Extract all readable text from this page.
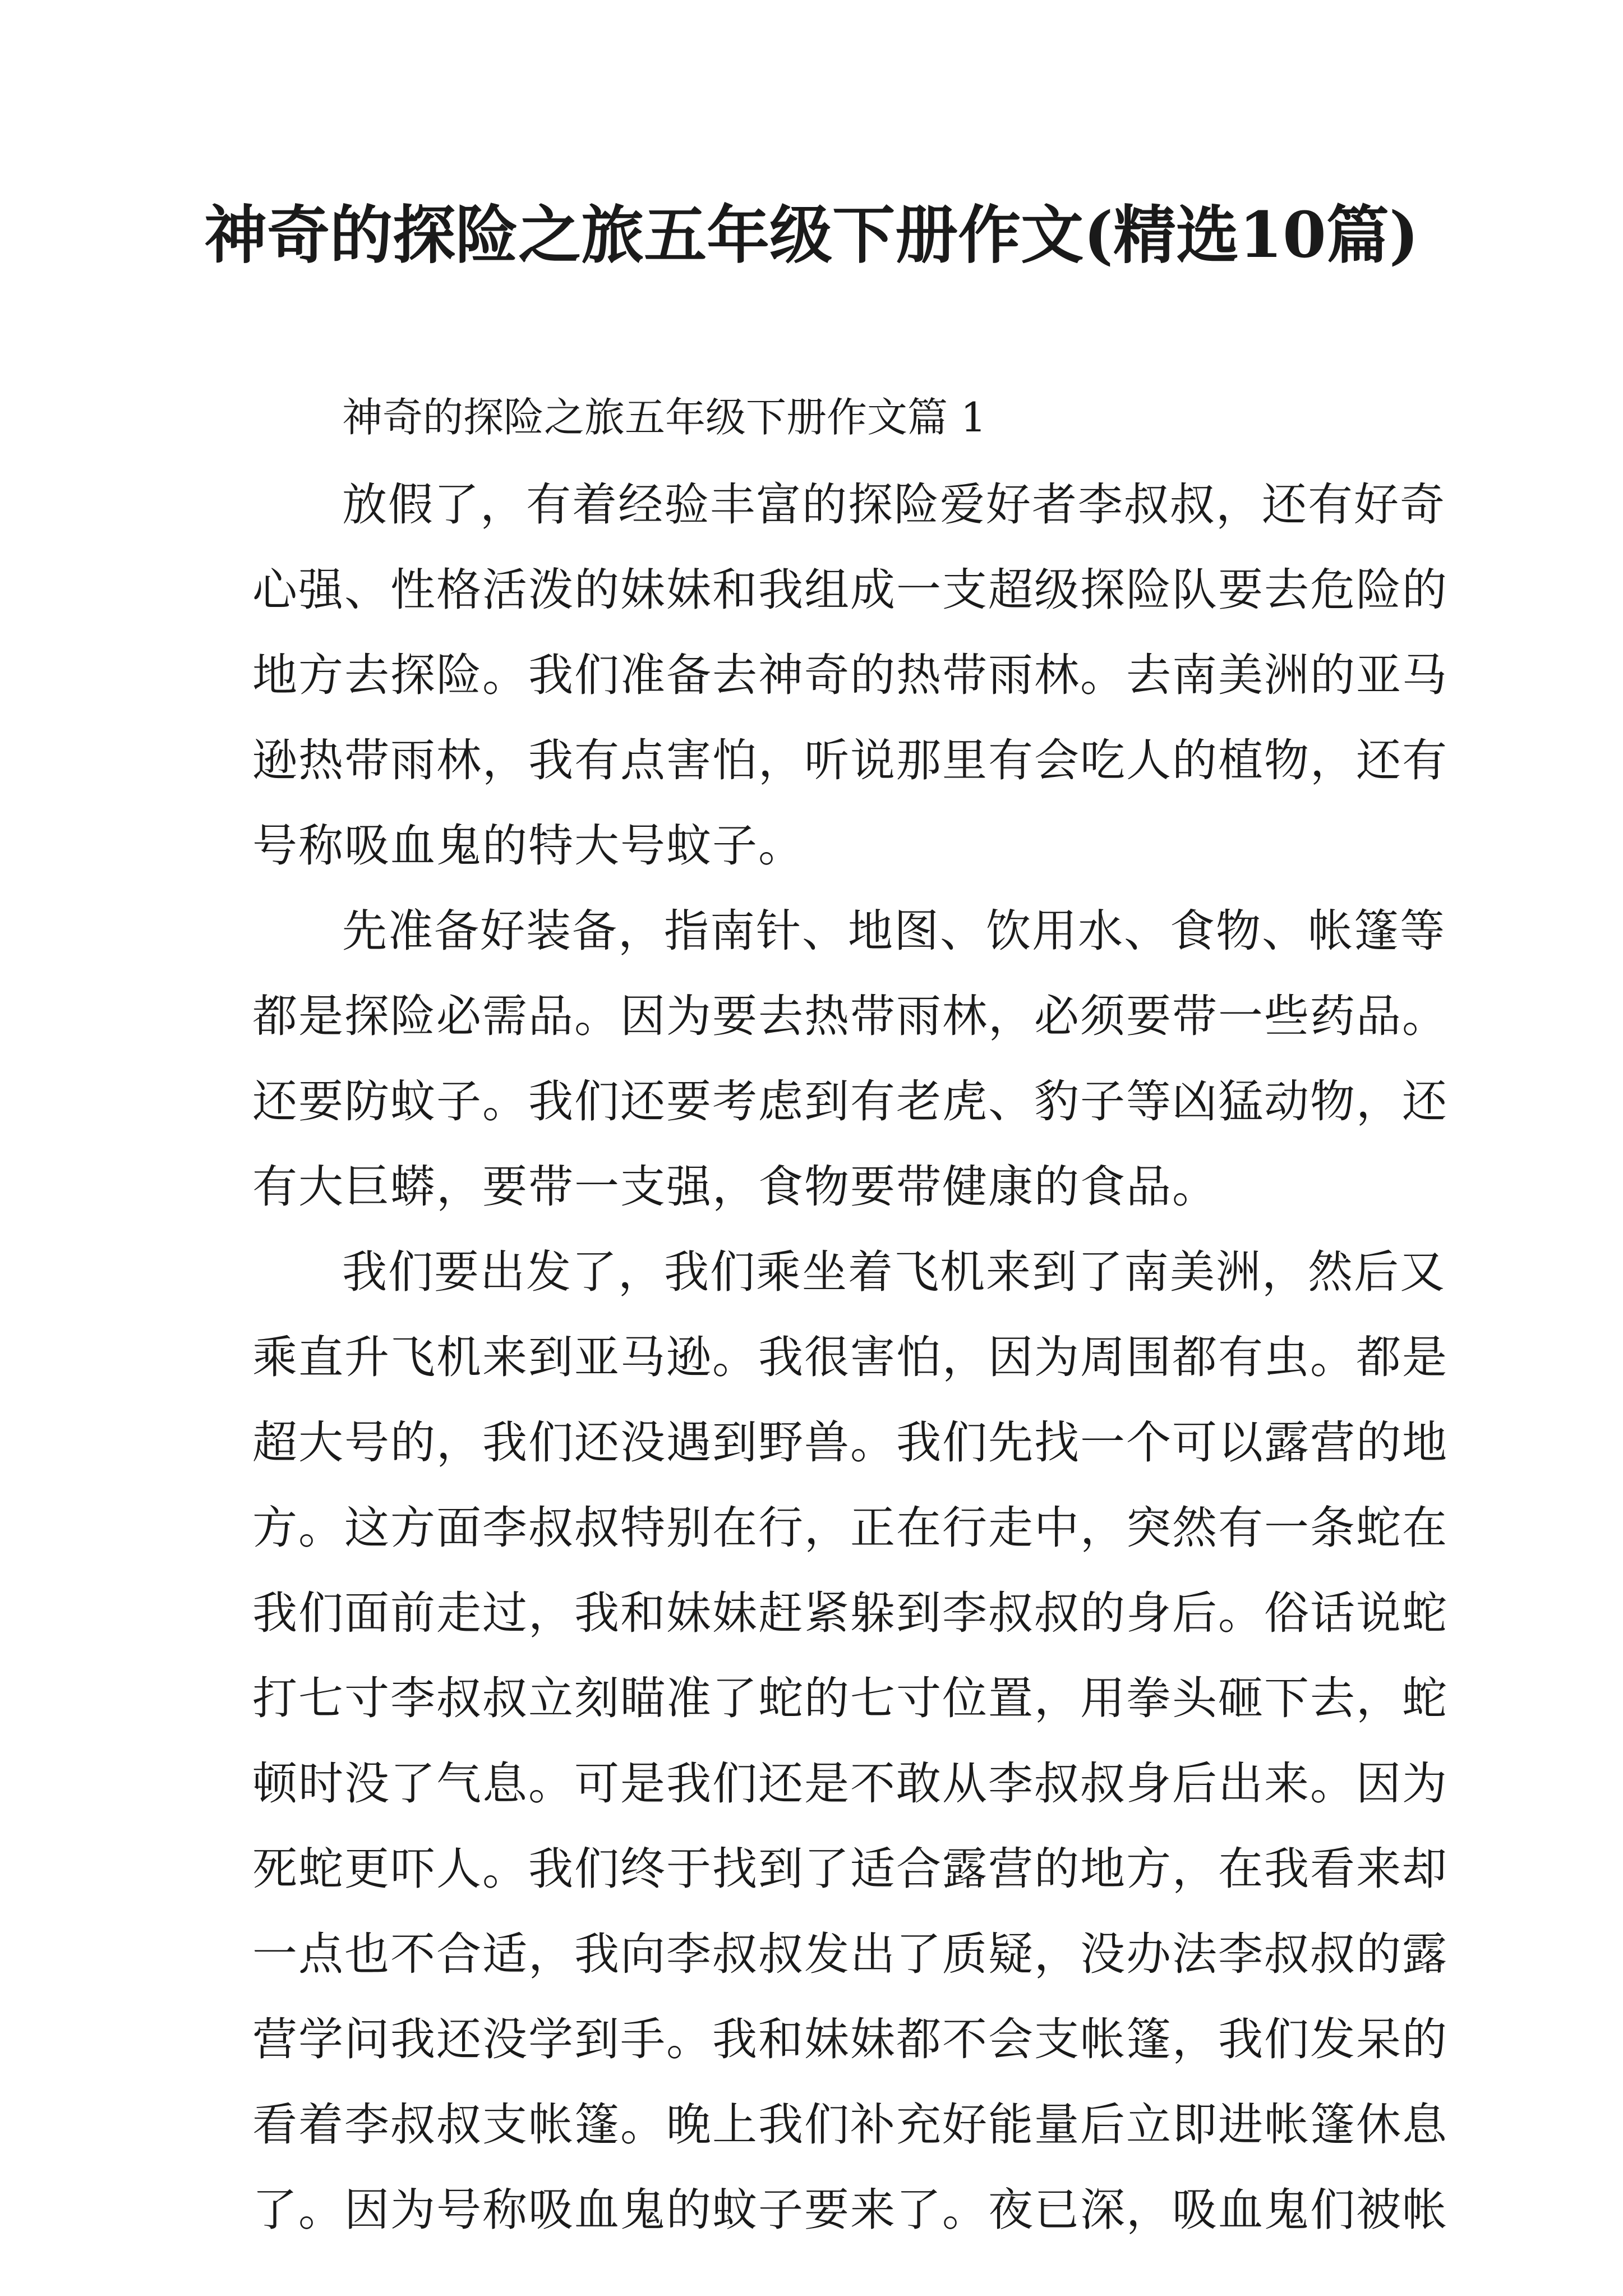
神奇的探险之旅五年级下册作文(精选10篇)
神奇的探险之旅五年级下册作文篇 1
放假了，有着经验丰富的探险爱好者李叔叔，还有好奇
心强、性格活泼的妹妹和我组成一支超级探险队要去危险的
地方去探险。我们准备去神奇的热带雨林。去南美洲的亚马
逊热带雨林，我有点害怕，听说那里有会吃人的植物，还有
号称吸血鬼的特大号蚊子。
先准备好装备，指南针、地图、饮用水、食物、帐篷等
都是探险必需品。因为要去热带雨林，必须要带一些药品。
还要防蚊子。我们还要考虑到有老虎、豹子等凶猛动物，还
有大巨蟒，要带一支强，食物要带健康的食品。
我们要出发了，我们乘坐着飞机来到了南美洲，然后又
乘直升飞机来到亚马逊。我很害怕，因为周围都有虫。都是
超大号的，我们还没遇到野兽。我们先找一个可以露营的地
方。这方面李叔叔特别在行，正在行走中，突然有一条蛇在
我们面前走过，我和妹妹赶紧躲到李叔叔的身后。俗话说蛇
打七寸李叔叔立刻瞄准了蛇的七寸位置，用拳头砸下去，蛇
顿时没了气息。可是我们还是不敢从李叔叔身后出来。因为
死蛇更吓人。我们终于找到了适合露营的地方，在我看来却
一点也不合适，我向李叔叔发出了质疑，没办法李叔叔的露
营学问我还没学到手。我和妹妹都不会支帐篷，我们发呆的
看着李叔叔支帐篷。晚上我们补充好能量后立即进帐篷休息
了。因为号称吸血鬼的蚊子要来了。夜已深，吸血鬼们被帐
